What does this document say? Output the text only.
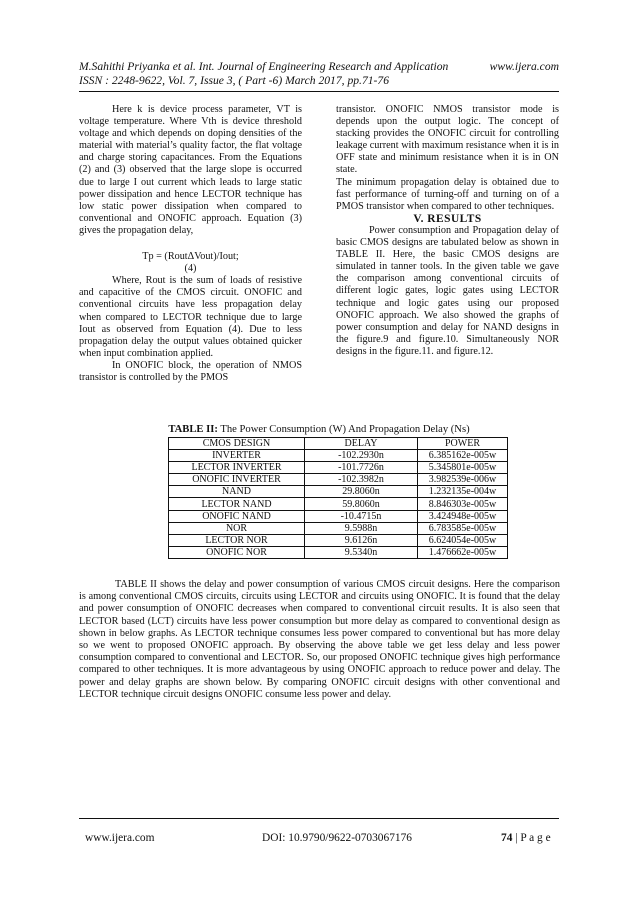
M.Sahithi Priyanka et al. Int. Journal of Engineering Research and Application	www.ijera.com
ISSN : 2248-9622, Vol. 7, Issue 3, ( Part -6) March 2017, pp.71-76

Here k is device process parameter, VT is voltage temperature. Where Vth is device threshold voltage and which depends on doping densities of the material with material’s quality factor, the flat voltage and charge storing capacitances. From the Equations (2) and (3) observed that the large slope is occurred due to large I out current which leads to large static power dissipation and hence LECTOR technique has low static power dissipation when compared to conventional and ONOFIC approach. Equation (3) gives the propagation delay,

Tp = (RoutΔVout)/Iout;

(4)

Where, Rout is the sum of loads of resistive and capacitive of the CMOS circuit. ONOFIC and conventional circuits have less propagation delay when compared to LECTOR technique due to large Iout as observed from Equation (4). Due to less propagation delay the output values obtained quicker when input combination applied.

In ONOFIC block, the operation of NMOS transistor is controlled by the PMOS

transistor. ONOFIC NMOS transistor mode is depends upon the output logic. The concept of stacking provides the ONOFIC circuit for controlling leakage current with maximum resistance when it is in OFF state and minimum resistance when it is in ON state.

The minimum propagation delay is obtained due to fast performance of turning-off and turning on of a PMOS transistor when compared to other techniques.

V. RESULTS

Power consumption and Propagation delay of basic CMOS designs are tabulated below as shown in TABLE II. Here, the basic CMOS designs are simulated in tanner tools. In the given table we gave the comparison among conventional circuits of different logic gates, logic gates using LECTOR technique and logic gates using our proposed ONOFIC approach. We also showed the graphs of power consumption and delay for NAND designs in the figure.9 and figure.10. Simultaneously NOR designs in the figure.11. and figure.12.

TABLE II: The Power Consumption (W) And Propagation Delay (Ns)
CMOS DESIGN	DELAY	POWER
INVERTER	-102.2930n	6.385162e-005w
LECTOR INVERTER	-101.7726n	5.345801e-005w
ONOFIC INVERTER	-102.3982n	3.982539e-006w
NAND	29.8060n	1.232135e-004w
LECTOR NAND	59.8060n	8.846303e-005w
ONOFIC NAND	-10.4715n	3.424948e-005w
NOR	9.5988n	6.783585e-005w
LECTOR NOR	9.6126n	6.624054e-005w
ONOFIC NOR	9.5340n	1.476662e-005w

TABLE II shows the delay and power consumption of various CMOS circuit designs. Here the comparison is among conventional CMOS circuits, circuits using LECTOR and circuits using ONOFIC. It is found that the delay and power consumption of ONOFIC decreases when compared to conventional circuit results. It is also seen that LECTOR based (LCT) circuits have less power consumption but more delay as compared to conventional design as shown in below graphs. As LECTOR technique consumes less power compared to conventional but has more delay so we went to proposed ONOFIC approach. By observing the above table we get less delay and less power consumption compared to conventional and LECTOR. So, our proposed ONOFIC technique gives high performance compared to other techniques. It is more advantageous by using ONOFIC approach to reduce power and delay. The power and delay graphs are shown below. By comparing ONOFIC circuit designs with other conventional and LECTOR technique circuit designs ONOFIC consume less power and delay.

www.ijera.com	DOI: 10.9790/9622-0703067176	74 | P a g e
